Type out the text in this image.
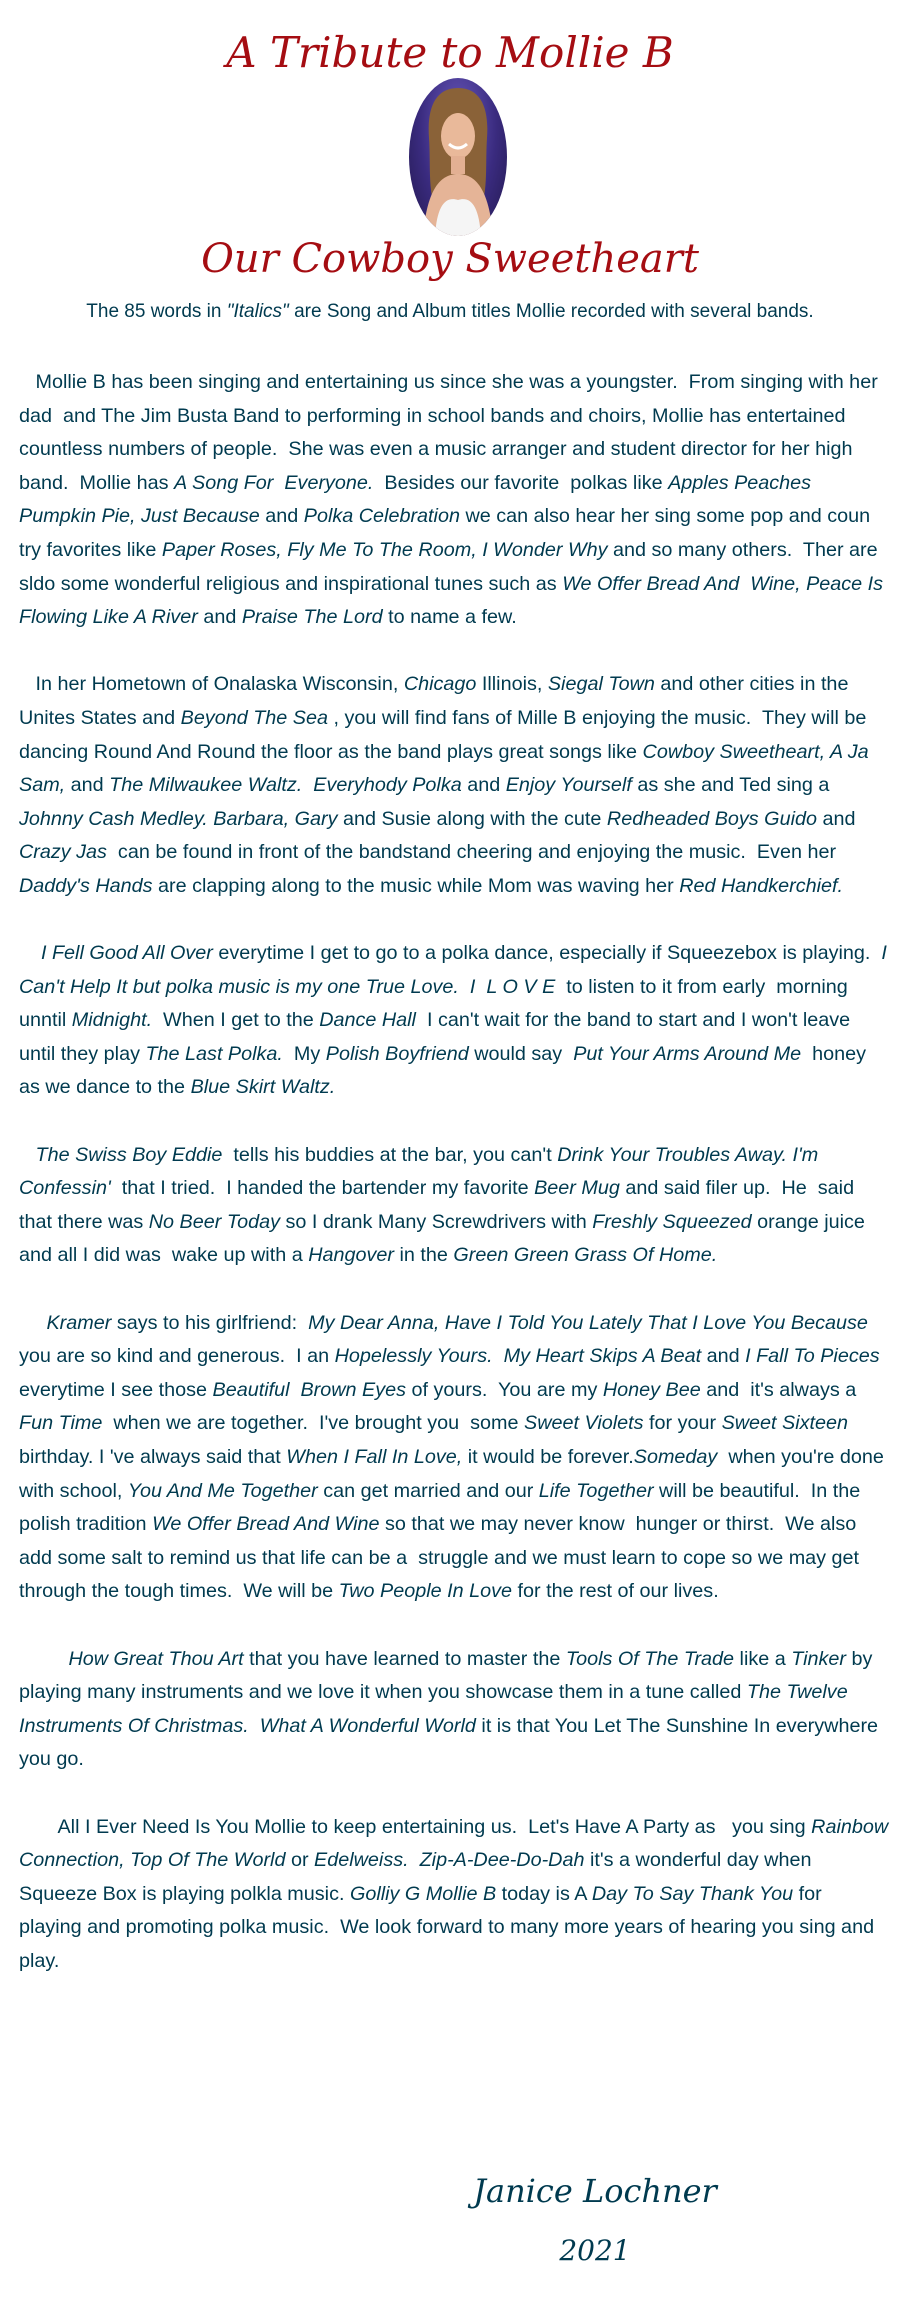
A Tribute to Mollie B
Our Cowboy Sweetheart
The 85 words in "Italics" are Song and Album titles Mollie recorded with several bands.

Mollie B has been singing and entertaining us since she was a youngster.  From singing with her dad  and The Jim Busta Band to performing in school bands and choirs, Mollie has entertained countless numbers of people.  She was even a music arranger and student director for her high band.  Mollie has A Song For  Everyone.  Besides our favorite  polkas like Apples Peaches Pumpkin Pie, Just Because and Polka Celebration we can also hear her sing some pop and coun try favorites like Paper Roses, Fly Me To The Room, I Wonder Why and so many others.  Ther are sldo some wonderful religious and inspirational tunes such as We Offer Bread And  Wine, Peace Is  Flowing Like A River and Praise The Lord to name a few.

In her Hometown of Onalaska Wisconsin, Chicago Illinois, Siegal Town and other cities in the Unites States and Beyond The Sea , you will find fans of Mille B enjoying the music.  They will be dancing Round And Round the floor as the band plays great songs like Cowboy Sweetheart, A Ja Sam, and The Milwaukee Waltz.  Everyhody Polka and Enjoy Yourself as she and Ted sing a Johnny Cash Medley. Barbara, Gary and Susie along with the cute Redheaded Boys Guido and Crazy Jas  can be found in front of the bandstand cheering and enjoying the music.  Even her Daddy's Hands are clapping along to the music while Mom was waving her Red Handkerchief.

I Fell Good All Over everytime I get to go to a polka dance, especially if Squeezebox is playing.  I Can't Help It but polka music is my one True Love.  I  L O V E  to listen to it from early  morning unntil Midnight.  When I get to the Dance Hall  I can't wait for the band to start and I won't leave until they play The Last Polka.  My Polish Boyfriend would say  Put Your Arms Around Me  honey as we dance to the Blue Skirt Waltz.

The Swiss Boy Eddie  tells his buddies at the bar, you can't Drink Your Troubles Away. I'm Confessin'  that I tried.  I handed the bartender my favorite Beer Mug and said filer up.  He  said that there was No Beer Today so I drank Many Screwdrivers with Freshly Squeezed orange juice and all I did was  wake up with a Hangover in the Green Green Grass Of Home.

Kramer says to his girlfriend:  My Dear Anna, Have I Told You Lately That I Love You Because   you are so kind and generous.  I an Hopelessly Yours.  My Heart Skips A Beat and I Fall To Pieces everytime I see those Beautiful  Brown Eyes of yours.  You are my Honey Bee and  it's always a Fun Time  when we are together.  I've brought you  some Sweet Violets for your Sweet Sixteen birthday. I 've always said that When I Fall In Love, it would be forever.Someday  when you're done with school, You And Me Together can get married and our Life Together will be beautiful.  In the polish tradition We Offer Bread And Wine so that we may never know  hunger or thirst.  We also add some salt to remind us that life can be a  struggle and we must learn to cope so we may get through the tough times.  We will be Two People In Love for the rest of our lives.

How Great Thou Art that you have learned to master the Tools Of The Trade like a Tinker by playing many instruments and we love it when you showcase them in a tune called The Twelve Instruments Of Christmas.  What A Wonderful World it is that You Let The Sunshine In everywhere you go.

All I Ever Need Is You Mollie to keep entertaining us.  Let's Have A Party as   you sing Rainbow Connection, Top Of The World or Edelweiss.  Zip-A-Dee-Do-Dah it's a wonderful day when Squeeze Box is playing polkla music. Golliy G Mollie B today is A Day To Say Thank You for playing and promoting polka music.  We look forward to many more years of hearing you sing and play.

Janice Lochner
2021
